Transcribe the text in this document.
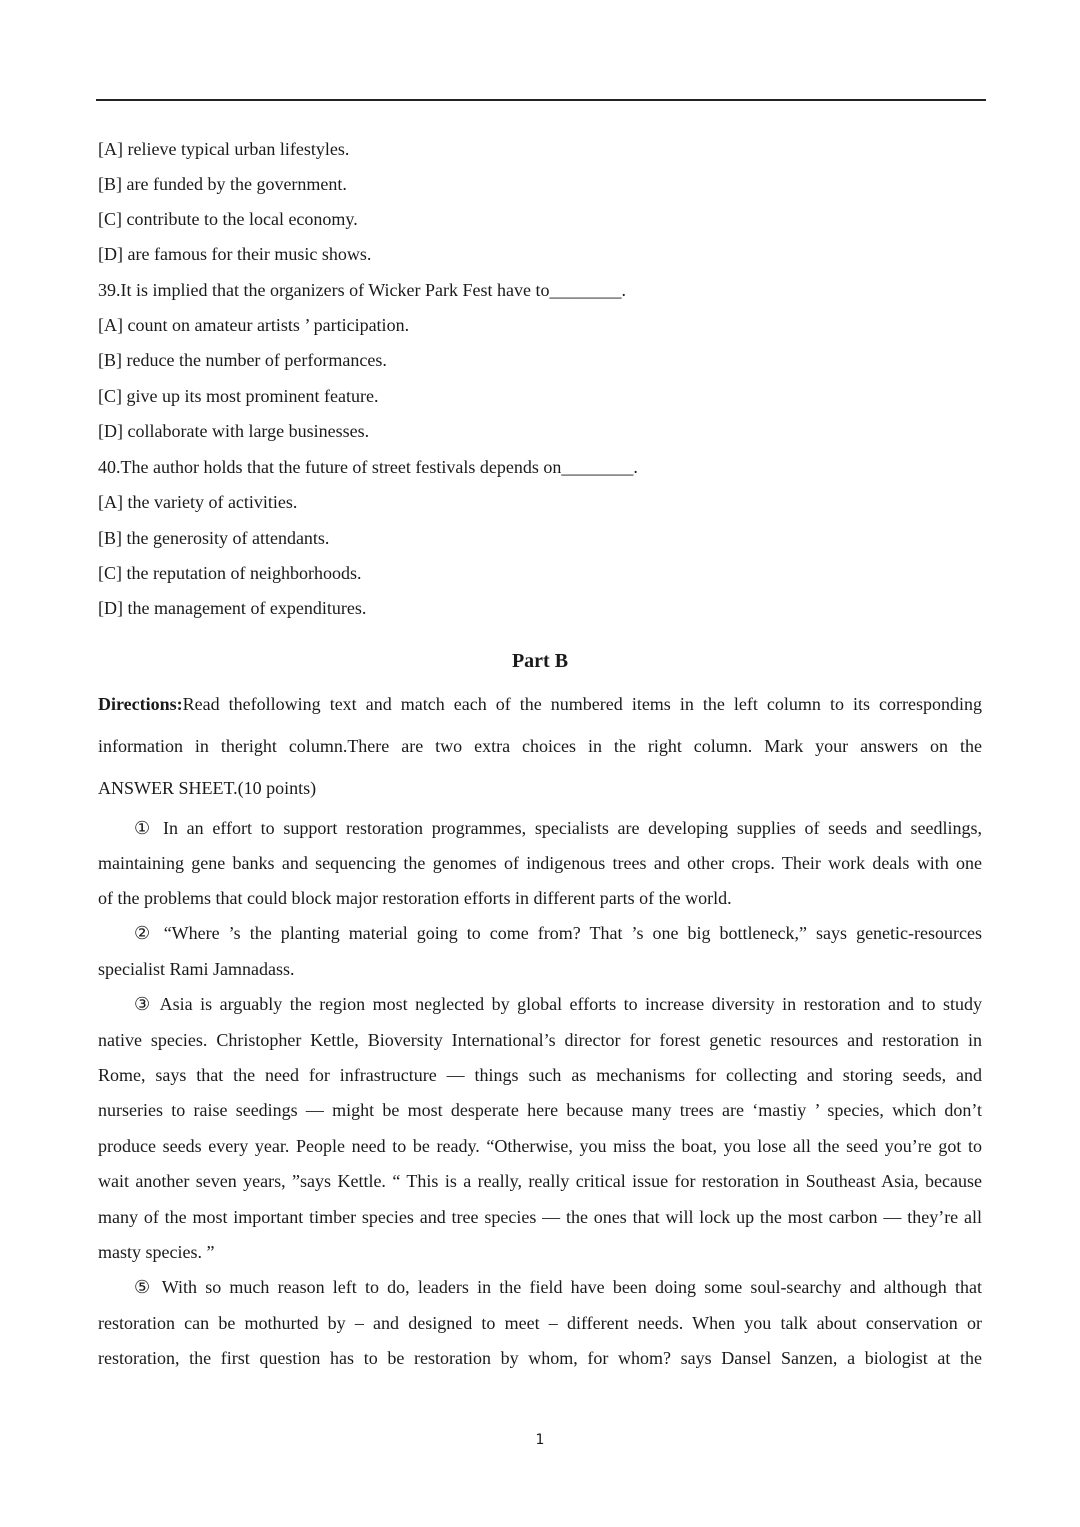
[A] relieve typical urban lifestyles.
[B] are funded by the government.
[C] contribute to the local economy.
[D] are famous for their music shows.
39.It is implied that the organizers of Wicker Park Fest have to________.
[A] count on amateur artists ’ participation.
[B] reduce the number of performances.
[C] give up its most prominent feature.
[D] collaborate with large businesses.
40.The author holds that the future of street festivals depends on________.
[A] the variety of activities.
[B] the generosity of attendants.
[C] the reputation of neighborhoods.
[D] the management of expenditures.
Part B
Directions:Read thefollowing text and match each of the numbered items in the left column to its corresponding
information in theright column.There are two extra choices in the right column. Mark your answers on the
ANSWER SHEET.(10 points)
① In an effort to support restoration programmes, specialists are developing supplies of seeds and seedlings,
maintaining gene banks and sequencing the genomes of indigenous trees and other crops. Their work deals with one
of the problems that could block major restoration efforts in different parts of the world.
② “Where ’s the planting material going to come from? That ’s one big bottleneck,” says genetic-resources
specialist Rami Jamnadass.
③ Asia is arguably the region most neglected by global efforts to increase diversity in restoration and to study
native species. Christopher Kettle, Bioversity International’s director for forest genetic resources and restoration in
Rome, says that the need for infrastructure — things such as mechanisms for collecting and storing seeds, and
nurseries to raise seedings — might be most desperate here because many trees are ‘mastiy ’ species, which don’t
produce seeds every year. People need to be ready. “Otherwise, you miss the boat, you lose all the seed you’re got to
wait another seven years, ”says Kettle. “ This is a really, really critical issue for restoration in Southeast Asia, because
many of the most important timber species and tree species — the ones that will lock up the most carbon — they’re all
masty species. ”
⑤ With so much reason left to do, leaders in the field have been doing some soul-searchy and although that
restoration can be mothurted by – and designed to meet – different needs. When you talk about conservation or
restoration, the first question has to be restoration by whom, for whom? says Dansel Sanzen, a biologist at the
1
